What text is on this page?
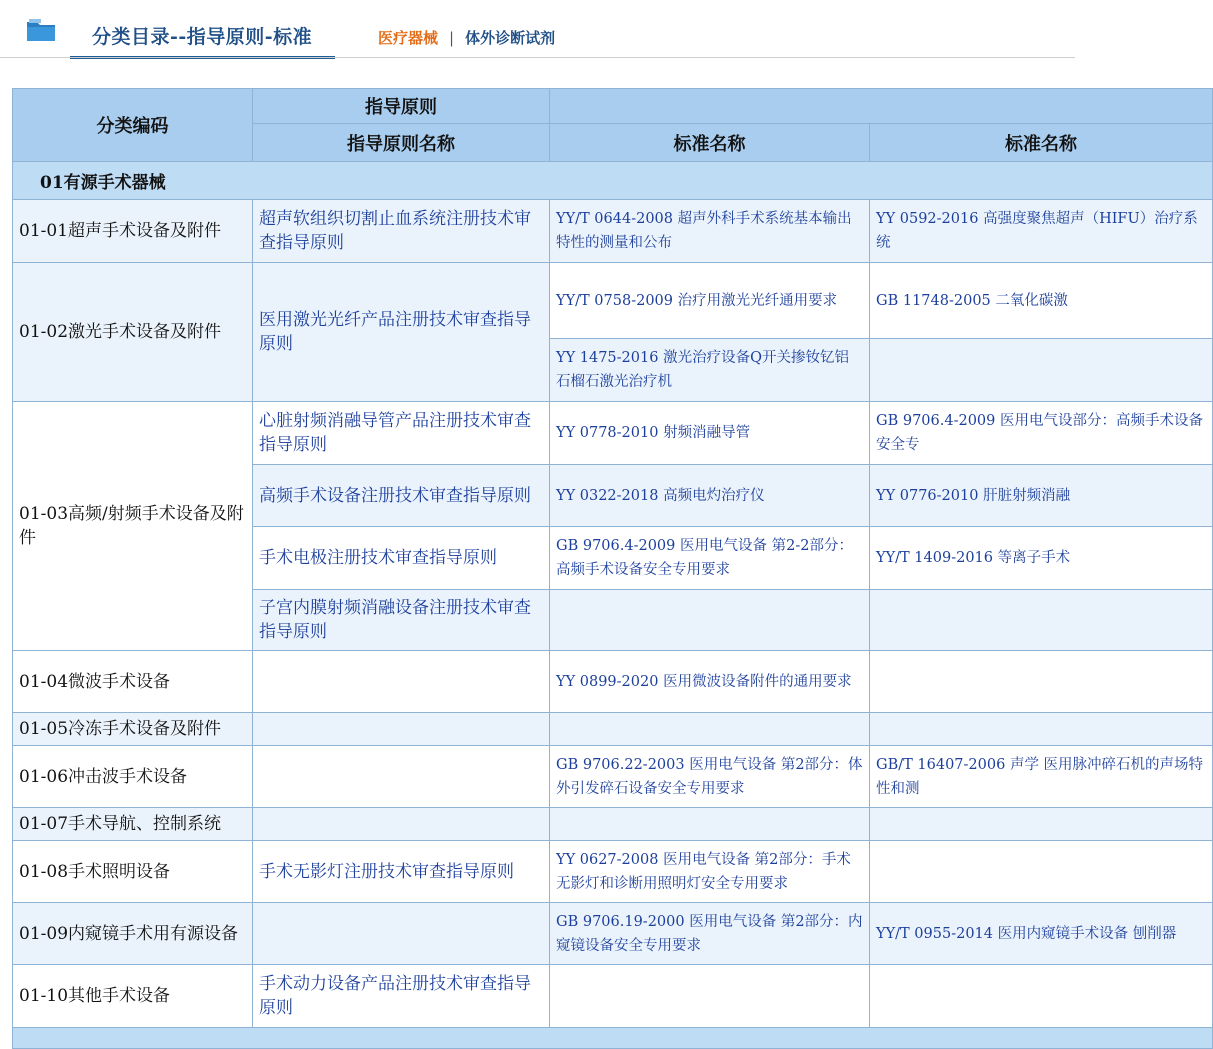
分类目录--指导原则-标准	医疗器械 | 体外诊断试剂
分类编码	指导原则		
	指导原则名称	标准名称	标准名称
01有源手术器械			
01-01超声手术设备及附件	超声软组织切割止血系统注册技术审查指导原则	YY/T 0644-2008 超声外科手术系统基本输出特性的测量和公布	YY 0592-2016 高强度聚焦超声（HIFU）治疗系统
01-02激光手术设备及附件	医用激光光纤产品注册技术审查指导原则	YY/T 0758-2009 治疗用激光光纤通用要求	GB 11748-2005 二氧化碳激
		YY 1475-2016 激光治疗设备Q开关掺钕钇铝石榴石激光治疗机	
01-03高频/射频手术设备及附件	心脏射频消融导管产品注册技术审查指导原则	YY 0778-2010 射频消融导管	GB 9706.4-2009 医用电气设部分：高频手术设备安全专
	高频手术设备注册技术审查指导原则	YY 0322-2018 高频电灼治疗仪	YY 0776-2010 肝脏射频消融
	手术电极注册技术审查指导原则	GB 9706.4-2009 医用电气设备 第2-2部分：高频手术设备安全专用要求	YY/T 1409-2016 等离子手术
	子宫内膜射频消融设备注册技术审查指导原则		
01-04微波手术设备		YY 0899-2020 医用微波设备附件的通用要求	
01-05冷冻手术设备及附件			
01-06冲击波手术设备		GB 9706.22-2003 医用电气设备 第2部分：体外引发碎石设备安全专用要求	GB/T 16407-2006 声学 医用脉冲碎石机的声场特性和测
01-07手术导航、控制系统			
01-08手术照明设备	手术无影灯注册技术审查指导原则	YY 0627-2008 医用电气设备 第2部分：手术无影灯和诊断用照明灯安全专用要求	
01-09内窥镜手术用有源设备		GB 9706.19-2000 医用电气设备 第2部分：内窥镜设备安全专用要求	YY/T 0955-2014 医用内窥镜手术设备 刨削器
01-10其他手术设备	手术动力设备产品注册技术审查指导原则		
